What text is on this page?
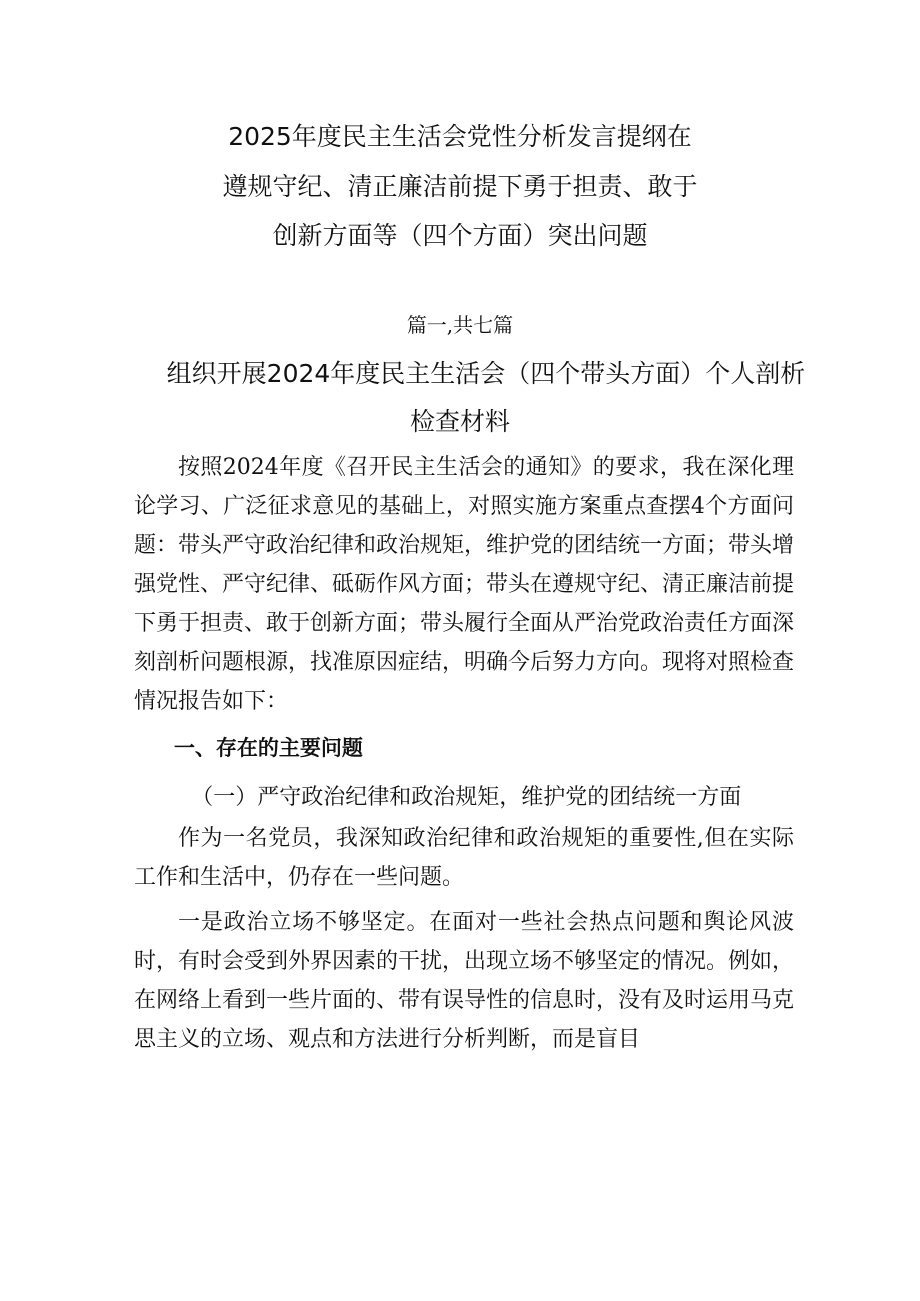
2025年度民主生活会党性分析发言提纲在
遵规守纪、清正廉洁前提下勇于担责、敢于
创新方面等（四个方面）突出问题
篇一,共七篇
组织开展2024年度民主生活会（四个带头方面）个人剖析
检查材料

按照2024年度《召开民主生活会的通知》的要求，我在深化理论学习、广泛征求意见的基础上，对照实施方案重点查摆4个方面问题：带头严守政治纪律和政治规矩，维护党的团结统一方面；带头增强党性、严守纪律、砥砺作风方面；带头在遵规守纪、清正廉洁前提下勇于担责、敢于创新方面；带头履行全面从严治党政治责任方面深刻剖析问题根源，找准原因症结，明确今后努力方向。现将对照检查情况报告如下：

一、存在的主要问题

（一）严守政治纪律和政治规矩，维护党的团结统一方面

作为一名党员，我深知政治纪律和政治规矩的重要性,但在实际工作和生活中，仍存在一些问题。

一是政治立场不够坚定。在面对一些社会热点问题和舆论风波时，有时会受到外界因素的干扰，出现立场不够坚定的情况。例如，在网络上看到一些片面的、带有误导性的信息时，没有及时运用马克思主义的立场、观点和方法进行分析判断，而是盲目
